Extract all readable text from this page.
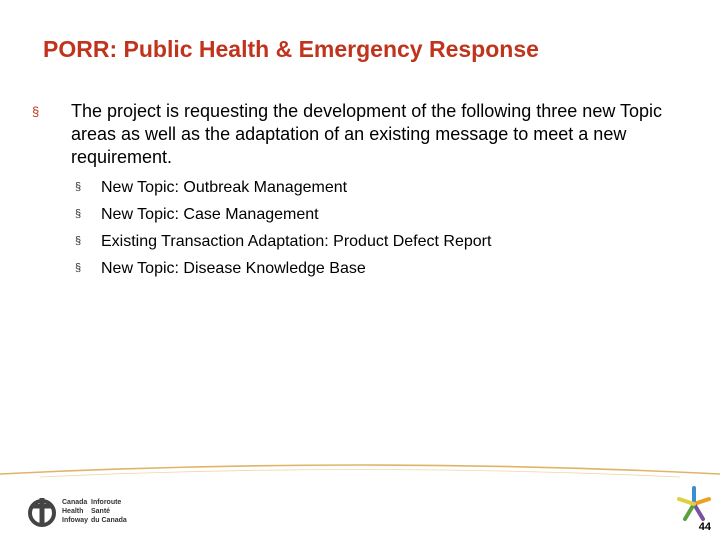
PORR: Public Health & Emergency Response
§ The project is requesting the development of the following three new Topic areas as well as the adaptation of an existing message to meet a new requirement.
§ New Topic: Outbreak Management
§ New Topic: Case Management
§ Existing Transaction Adaptation: Product Defect Report
§ New Topic: Disease Knowledge Base
Canada
Health
Infoway
Inforoute
Santé
du Canada
44
